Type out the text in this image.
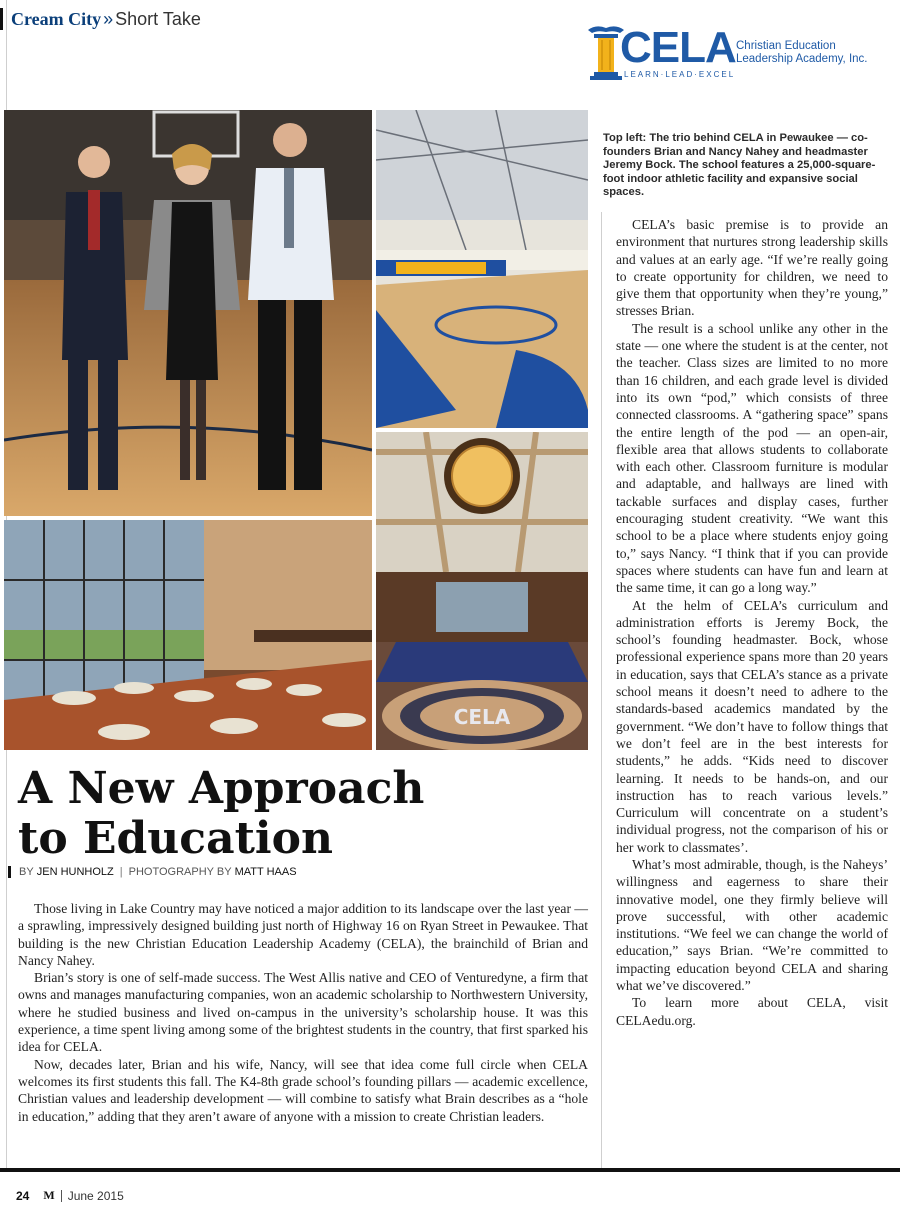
Cream City » Short Take
CELA
LEARN·LEAD·EXCEL
Christian Education
Leadership Academy, Inc.
CELA
Top left: The trio behind CELA in Pewaukee — co-founders Brian and Nancy Nahey and headmaster Jeremy Bock. The school features a 25,000-square-foot indoor athletic facility and expansive social spaces.
A New Approach
to Education
BY
JEN HUNHOLZ | PHOTOGRAPHY BY
MATT HAAS

Those living in Lake Country may have noticed a major addition to its landscape over the last year — a sprawling, impressively designed building just north of Highway 16 on Ryan Street in Pewaukee. That building is the new Christian Education Leadership Academy (CELA), the brainchild of Brian and Nancy Nahey.

Brian’s story is one of self-made success. The West Allis native and CEO of Venturedyne, a firm that owns and manages manufacturing companies, won an academic scholarship to Northwestern University, where he studied business and lived on-campus in the university’s scholarship house. It was this experience, a time spent living among some of the brightest students in the country, that first sparked his idea for CELA.

Now, decades later, Brian and his wife, Nancy, will see that idea come full circle when CELA welcomes its first students this fall. The K4-8th grade school’s founding pillars — academic excellence, Christian values and leadership development — will combine to satisfy what Brain describes as a “hole in education,” adding that they aren’t aware of anyone with a mission to create Christian leaders.

CELA’s basic premise is to provide an environment that nurtures strong leadership skills and values at an early age. “If we’re really going to create opportunity for children, we need to give them that opportunity when they’re young,” stresses Brian.

The result is a school unlike any other in the state — one where the student is at the center, not the teacher. Class sizes are limited to no more than 16 children, and each grade level is divided into its own “pod,” which consists of three connected classrooms. A “gathering space” spans the entire length of the pod — an open-air, flexible area that allows students to collaborate with each other. Classroom furniture is modular and adaptable, and hallways are lined with tackable surfaces and display cases, further encouraging student creativity. “We want this school to be a place where students enjoy going to,” says Nancy. “I think that if you can provide spaces where students can have fun and learn at the same time, it can go a long way.”

At the helm of CELA’s curriculum and administration efforts is Jeremy Bock, the school’s founding headmaster. Bock, whose professional experience spans more than 20 years in education, says that CELA’s stance as a private school means it doesn’t need to adhere to the standards-based academics mandated by the government. “We don’t have to follow things that we don’t feel are in the best interests for students,” he adds. “Kids need to discover learning. It needs to be hands-on, and our instruction has to reach various levels.” Curriculum will concentrate on a student’s individual progress, not the comparison of his or her work to classmates’.

What’s most admirable, though, is the Naheys’ willingness and eagerness to share their innovative model, one they firmly believe will prove successful, with other academic institutions. “We feel we can change the world of education,” says Brian. “We’re committed to impacting education beyond CELA and sharing what we’ve discovered.”

To learn more about CELA, visit CELAedu.org.

24 M June 2015
